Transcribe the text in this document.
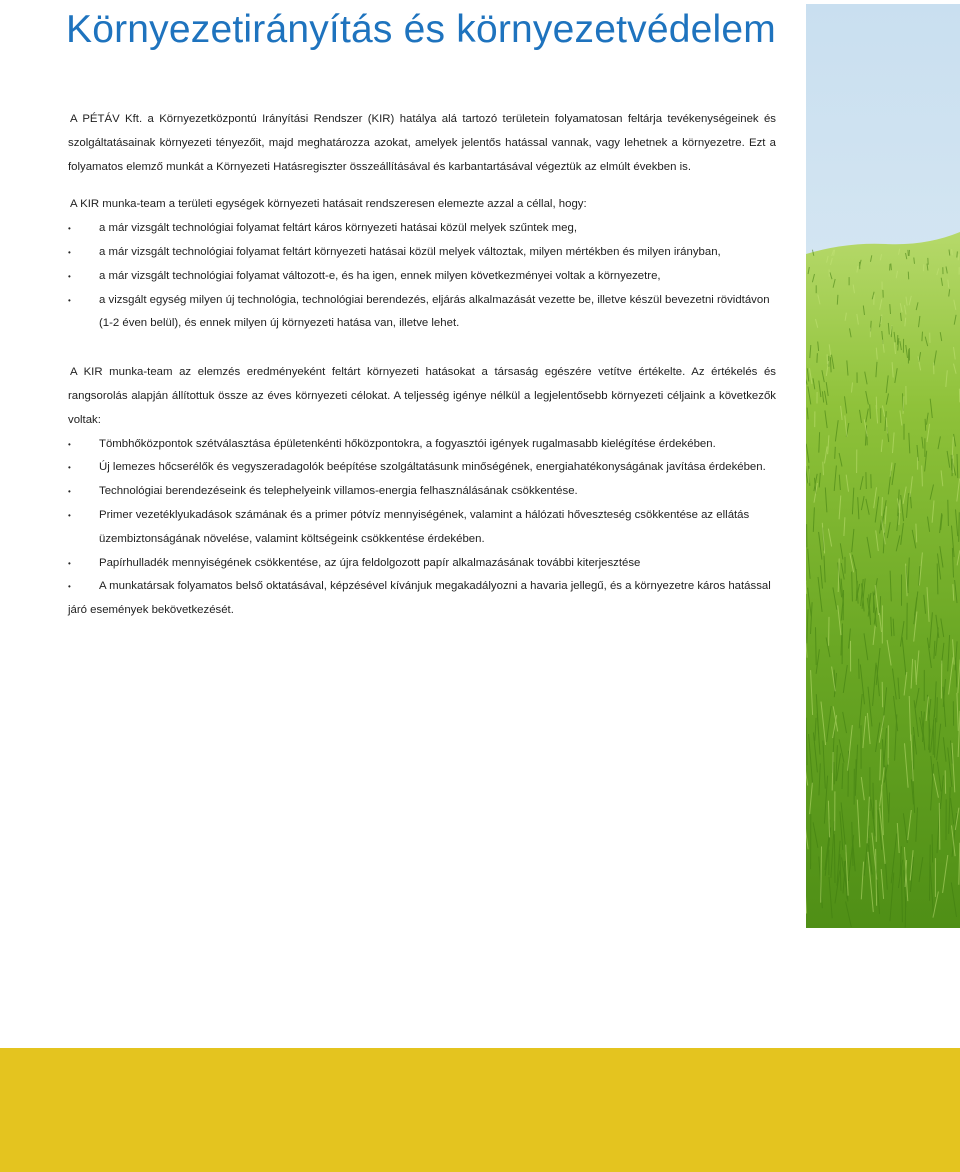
Környezetirányítás és környezetvédelem

A PÉTÁV Kft. a Környezetközpontú Irányítási Rendszer (KIR) hatálya alá tartozó területein folyamatosan feltárja tevékenységeinek és szolgáltatásainak környezeti tényezőit, majd meghatározza azokat, amelyek jelentős hatással vannak, vagy lehetnek a környezetre. Ezt a folyamatos elemző munkát a Környezeti Hatásregiszter összeállításával és karbantartásával végeztük az elmúlt években is.

A KIR munka-team a területi egységek környezeti hatásait rendszeresen elemezte azzal a céllal, hogy:

• a már vizsgált technológiai folyamat feltárt káros környezeti hatásai közül melyek szűntek meg,
• a már vizsgált technológiai folyamat feltárt környezeti hatásai közül melyek változtak, milyen mértékben és milyen irányban,
• a már vizsgált technológiai folyamat változott-e, és ha igen, ennek milyen következményei voltak a környezetre,
• a vizsgált egység milyen új technológia, technológiai berendezés, eljárás alkalmazását vezette be, illetve készül bevezetni rövidtávon (1-2 éven belül), és ennek milyen új környezeti hatása van, illetve lehet.

A KIR munka-team az elemzés eredményeként feltárt környezeti hatásokat a társaság egészére vetítve értékelte. Az értékelés és rangsorolás alapján állítottuk össze az éves környezeti célokat. A teljesség igénye nélkül a legjelentősebb környezeti céljaink a következők voltak:

• Tömbhőközpontok szétválasztása épületenkénti hőközpontokra, a fogyasztói igények rugalmasabb kielégítése érdekében.
• Új lemezes hőcserélők és vegyszeradagolók beépítése szolgáltatásunk minőségének, energiahatékonyságának javítása érdekében.
• Technológiai berendezéseink és telephelyeink villamos-energia felhasználásának csökkentése.
• Primer vezetéklyukadások számának és a primer pótvíz mennyiségének, valamint a hálózati hőveszteség csökkentése az ellátás üzembiztonságának növelése, valamint költségeink csökkentése érdekében.
• Papírhulladék mennyiségének csökkentése, az újra feldolgozott papír alkalmazásának további kiterjesztése
• A munkatársak folyamatos belső oktatásával, képzésével kívánjuk megakadályozni a havaria jellegű, és a környezetre káros hatással

járó események bekövetkezését.
